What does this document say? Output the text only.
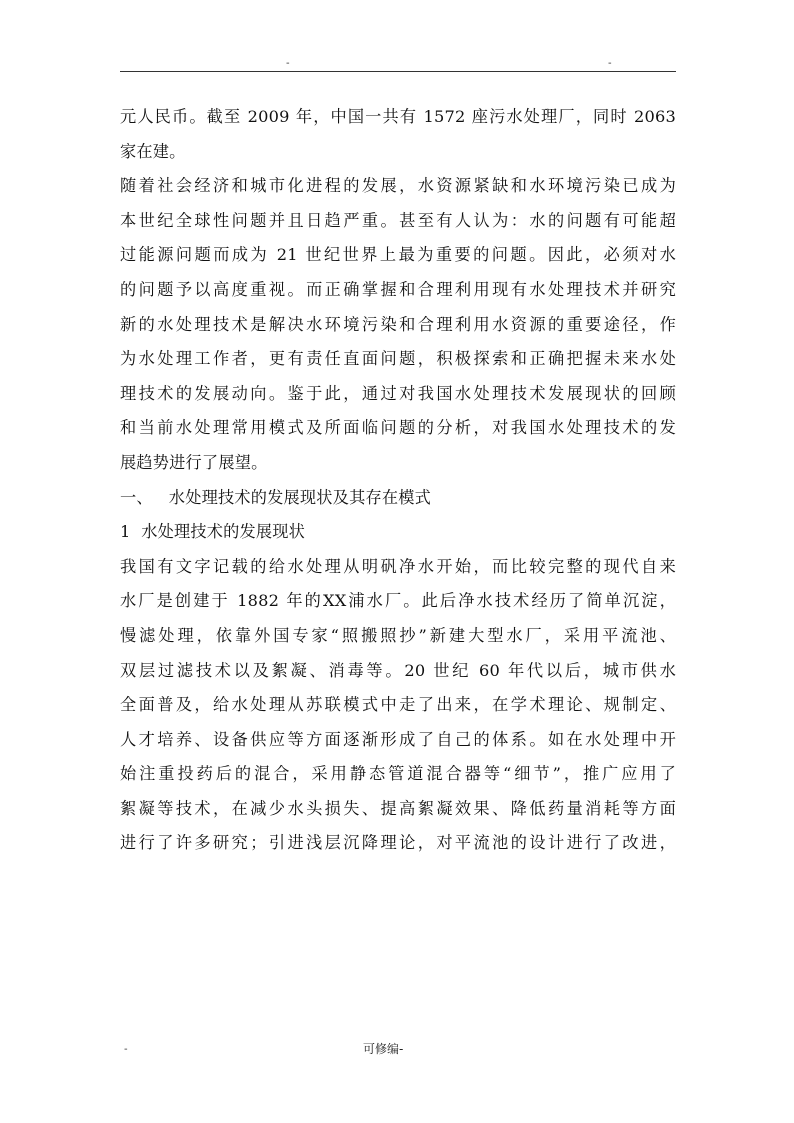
-	-
元人民币。截至 2009 年，中国一共有 1572 座污水处理厂，同时 2063
家在建。
随着社会经济和城市化进程的发展，水资源紧缺和水环境污染已成为
本世纪全球性问题并且日趋严重。甚至有人认为：水的问题有可能超
过能源问题而成为 21 世纪世界上最为重要的问题。因此，必须对水
的问题予以高度重视。而正确掌握和合理利用现有水处理技术并研究
新的水处理技术是解决水环境污染和合理利用水资源的重要途径，作
为水处理工作者，更有责任直面问题，积极探索和正确把握未来水处
理技术的发展动向。鉴于此，通过对我国水处理技术发展现状的回顾
和当前水处理常用模式及所面临问题的分析，对我国水处理技术的发
展趋势进行了展望。
一、   水处理技术的发展现状及其存在模式
1  水处理技术的发展现状
我国有文字记载的给水处理从明矾净水开始，而比较完整的现代自来
水厂是创建于 1882 年的XX浦水厂。此后净水技术经历了简单沉淀，
慢滤处理，依靠外国专家“照搬照抄”新建大型水厂，采用平流池、
双层过滤技术以及絮凝、消毒等。20 世纪 60 年代以后，城市供水
全面普及，给水处理从苏联模式中走了出来，在学术理论、规制定、
人才培养、设备供应等方面逐渐形成了自己的体系。如在水处理中开
始注重投药后的混合，采用静态管道混合器等“细节”，推广应用了
絮凝等技术，在减少水头损失、提高絮凝效果、降低药量消耗等方面
进行了许多研究；引进浅层沉降理论，对平流池的设计进行了改进，
-	可修编-
